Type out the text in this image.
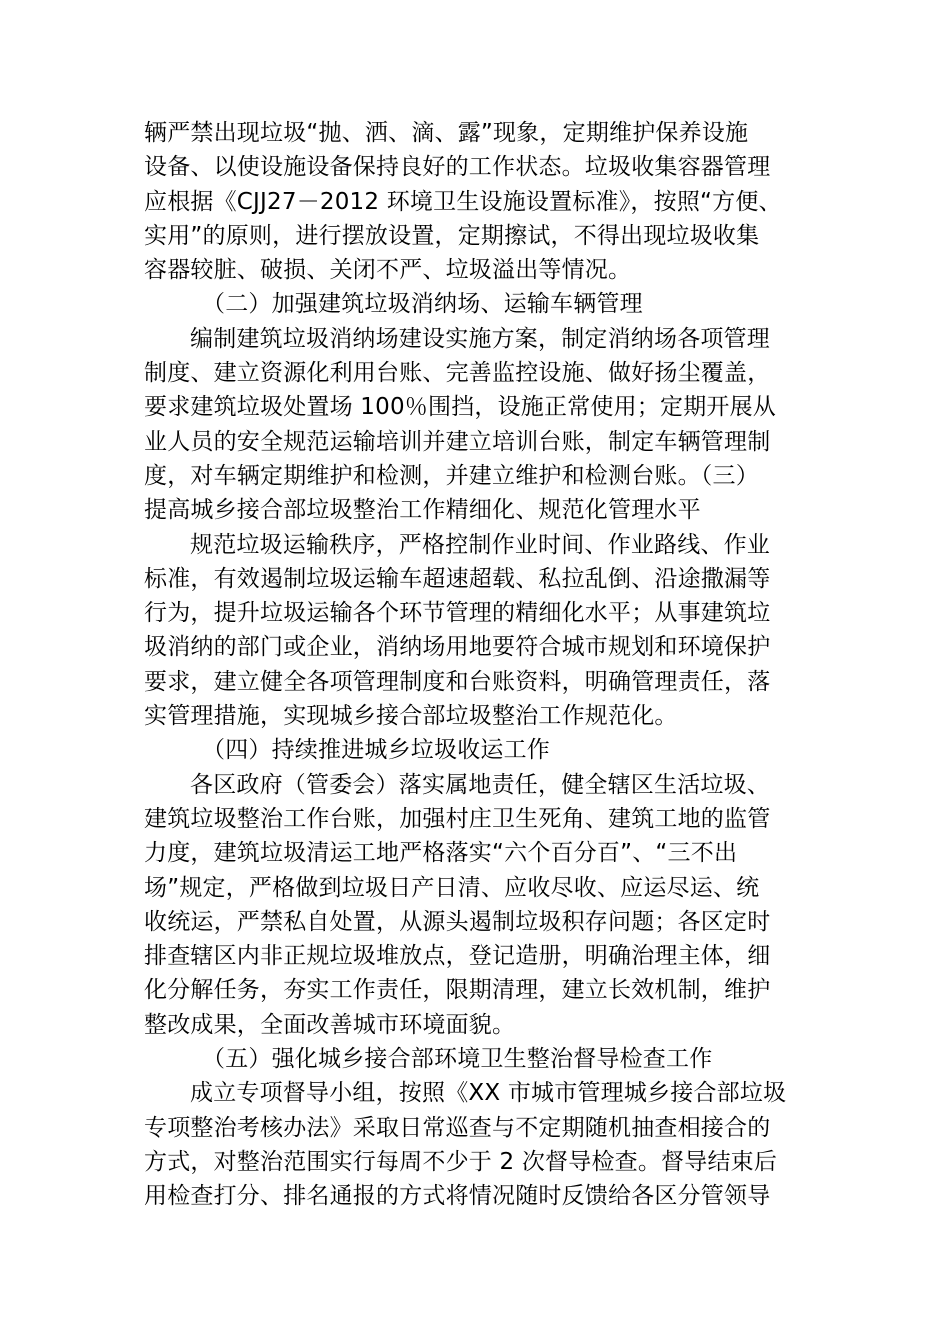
辆严禁出现垃圾“抛、洒、滴、露”现象，定期维护保养设施
设备、以使设施设备保持良好的工作状态。垃圾收集容器管理
应根据《CJJ27－2012 环境卫生设施设置标准》，按照“方便、
实用”的原则，进行摆放设置，定期擦试，不得出现垃圾收集
容器较脏、破损、关闭不严、垃圾溢出等情况。
（二）加强建筑垃圾消纳场、运输车辆管理
编制建筑垃圾消纳场建设实施方案，制定消纳场各项管理
制度、建立资源化利用台账、完善监控设施、做好扬尘覆盖，
要求建筑垃圾处置场 100％围挡，设施正常使用；定期开展从
业人员的安全规范运输培训并建立培训台账，制定车辆管理制
度，对车辆定期维护和检测，并建立维护和检测台账。（三）
提高城乡接合部垃圾整治工作精细化、规范化管理水平
规范垃圾运输秩序，严格控制作业时间、作业路线、作业
标准，有效遏制垃圾运输车超速超载、私拉乱倒、沿途撒漏等
行为，提升垃圾运输各个环节管理的精细化水平；从事建筑垃
圾消纳的部门或企业，消纳场用地要符合城市规划和环境保护
要求，建立健全各项管理制度和台账资料，明确管理责任，落
实管理措施，实现城乡接合部垃圾整治工作规范化。
（四）持续推进城乡垃圾收运工作
各区政府（管委会）落实属地责任，健全辖区生活垃圾、
建筑垃圾整治工作台账，加强村庄卫生死角、建筑工地的监管
力度，建筑垃圾清运工地严格落实“六个百分百”、“三不出
场”规定，严格做到垃圾日产日清、应收尽收、应运尽运、统
收统运，严禁私自处置，从源头遏制垃圾积存问题；各区定时
排查辖区内非正规垃圾堆放点，登记造册，明确治理主体，细
化分解任务，夯实工作责任，限期清理，建立长效机制，维护
整改成果，全面改善城市环境面貌。
（五）强化城乡接合部环境卫生整治督导检查工作
成立专项督导小组，按照《XX 市城市管理城乡接合部垃圾
专项整治考核办法》采取日常巡查与不定期随机抽查相接合的
方式，对整治范围实行每周不少于 2 次督导检查。督导结束后
用检查打分、排名通报的方式将情况随时反馈给各区分管领导
